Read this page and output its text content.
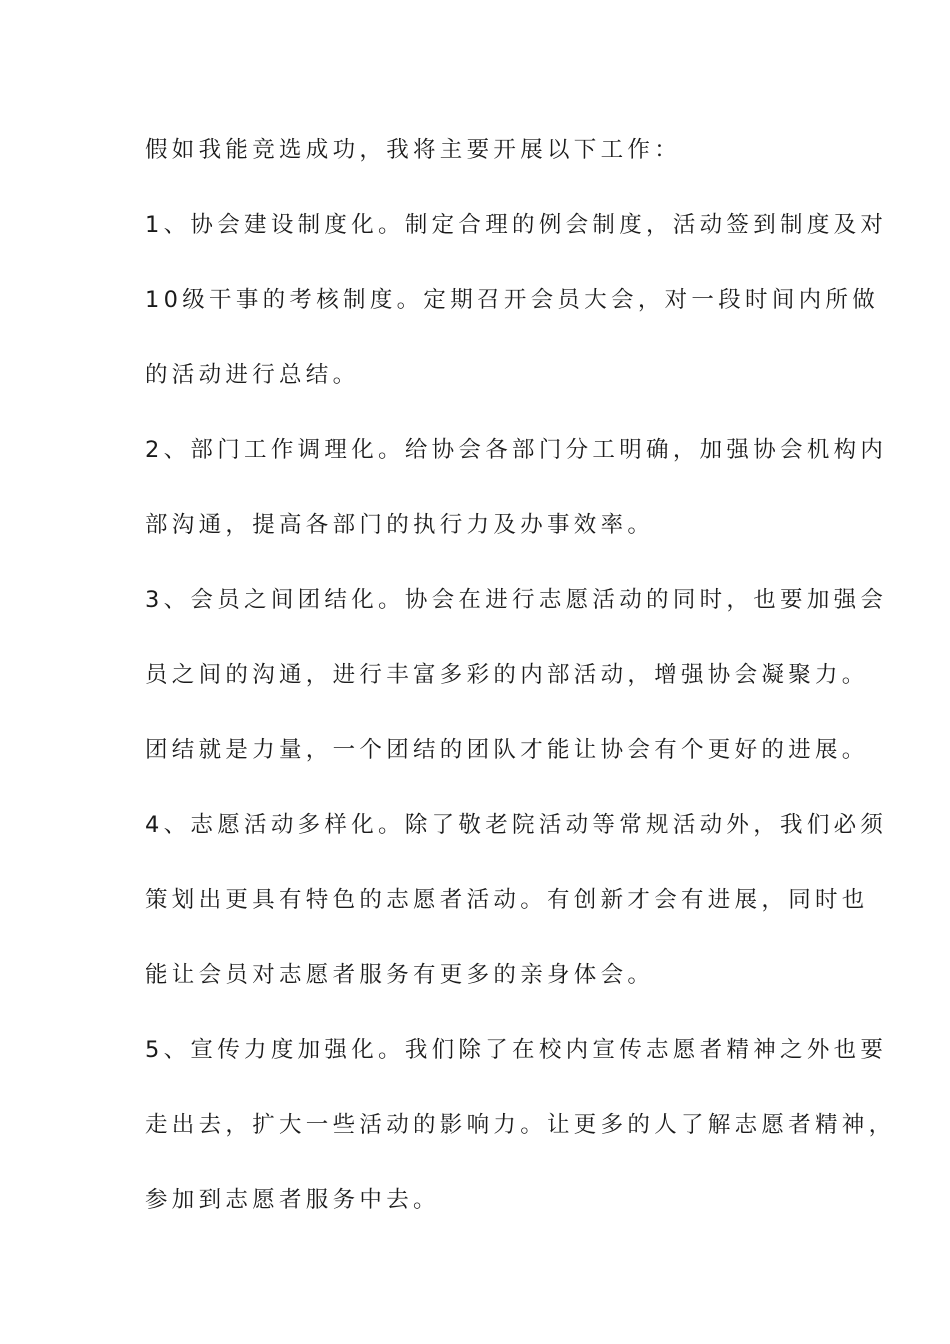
假如我能竞选成功，我将主要开展以下工作：
1、协会建设制度化。制定合理的例会制度，活动签到制度及对
10级干事的考核制度。定期召开会员大会，对一段时间内所做
的活动进行总结。
2、部门工作调理化。给协会各部门分工明确，加强协会机构内
部沟通，提高各部门的执行力及办事效率。
3、会员之间团结化。协会在进行志愿活动的同时，也要加强会
员之间的沟通，进行丰富多彩的内部活动，增强协会凝聚力。
团结就是力量，一个团结的团队才能让协会有个更好的进展。
4、志愿活动多样化。除了敬老院活动等常规活动外，我们必须
策划出更具有特色的志愿者活动。有创新才会有进展，同时也
能让会员对志愿者服务有更多的亲身体会。
5、宣传力度加强化。我们除了在校内宣传志愿者精神之外也要
走出去，扩大一些活动的影响力。让更多的人了解志愿者精神，
参加到志愿者服务中去。
